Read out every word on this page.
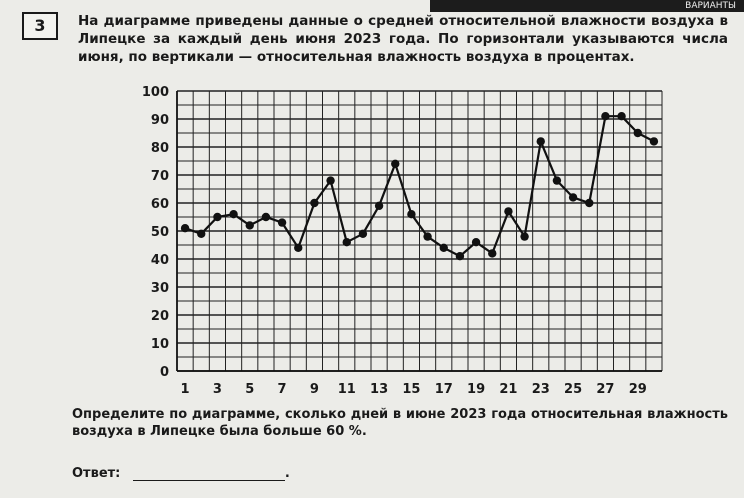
ВАРИАНТЫ
3	На диаграмме приведены данные о средней относительной влажности воздуха в Липецке за каждый день июня 2023 года. По горизонтали указываются числа июня, по вертикали — относительная влажность воздуха в процентах.
0
10
20
30
40
50
60
70
80
90
100
1 3 5 7 9 11 13 15 17 19 21 23 25 27 29
Определите по диаграмме, сколько дней в июне 2023 года относительная влажность воздуха в Липецке была больше 60 %.
Ответ:	.
